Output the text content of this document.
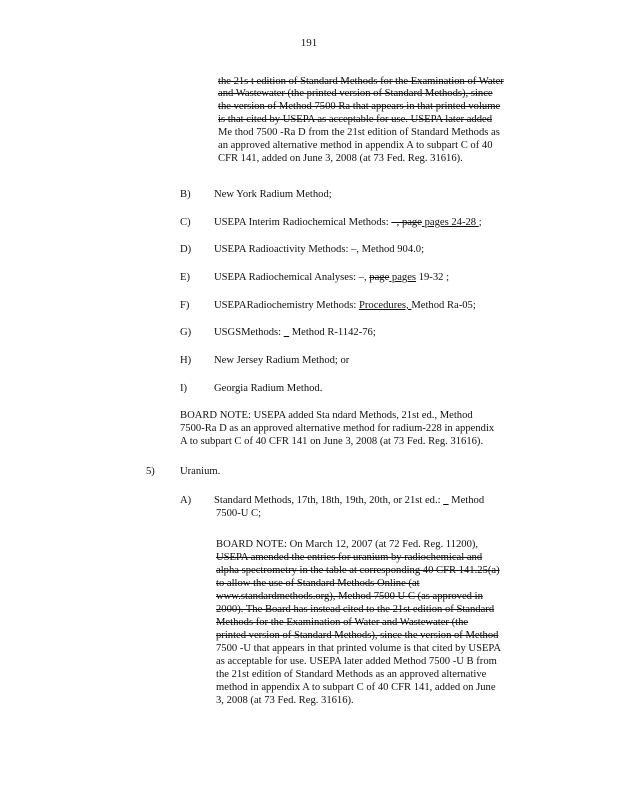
191
the 21s t edition of Standard Methods for the Examination of Water
and Wastewater (the printed version of Standard Methods), since
the version of Method 7500 Ra that appears in that printed volume
is that cited by USEPA as acceptable for use. USEPA later added
Me thod 7500 -Ra D from the 21st edition of Standard Methods as
an approved alternative method in appendix A to subpart C of 40
CFR 141, added on June 3, 2008 (at 73 Fed. Reg. 31616).
B) New York Radium Method;
C) USEPA Interim Radiochemical Methods: –, page pages 24-28 ;
D) USEPA Radioactivity Methods: –, Method 904.0;
E) USEPA Radiochemical Analyses: –, page pages 19-32 ;
F) USEPARadiochemistry Methods: Procedures, Method Ra-05;
G) USGSMethods: _ Method R-1142-76;
H) New Jersey Radium Method; or
I)	Georgia Radium Method.
BOARD NOTE: USEPA added Sta ndard Methods, 21st ed., Method
7500-Ra D as an approved alternative method for radium-228 in appendix
A to subpart C of 40 CFR 141 on June 3, 2008 (at 73 Fed. Reg. 31616).
5) Uranium.
A) Standard Methods, 17th, 18th, 19th, 20th, or 21st ed.: _ Method
7500-U C;
BOARD NOTE: On March 12, 2007 (at 72 Fed. Reg. 11200),
USEPA amended the entries for uranium by radiochemical and
alpha spectrometry in the table at corresponding 40 CFR 141.25(a)
to allow the use of Standard Methods Online (at
www.standardmethods.org), Method 7500 U C (as approved in
2000). The Board has instead cited to the 21st edition of Standard
Methods for the Examination of Water and Wastewater (the
printed version of Standard Methods), since the version of Method
7500 -U that appears in that printed volume is that cited by USEPA
as acceptable for use. USEPA later added Method 7500 -U B from
the 21st edition of Standard Methods as an approved alternative
method in appendix A to subpart C of 40 CFR 141, added on June
3, 2008 (at 73 Fed. Reg. 31616).
